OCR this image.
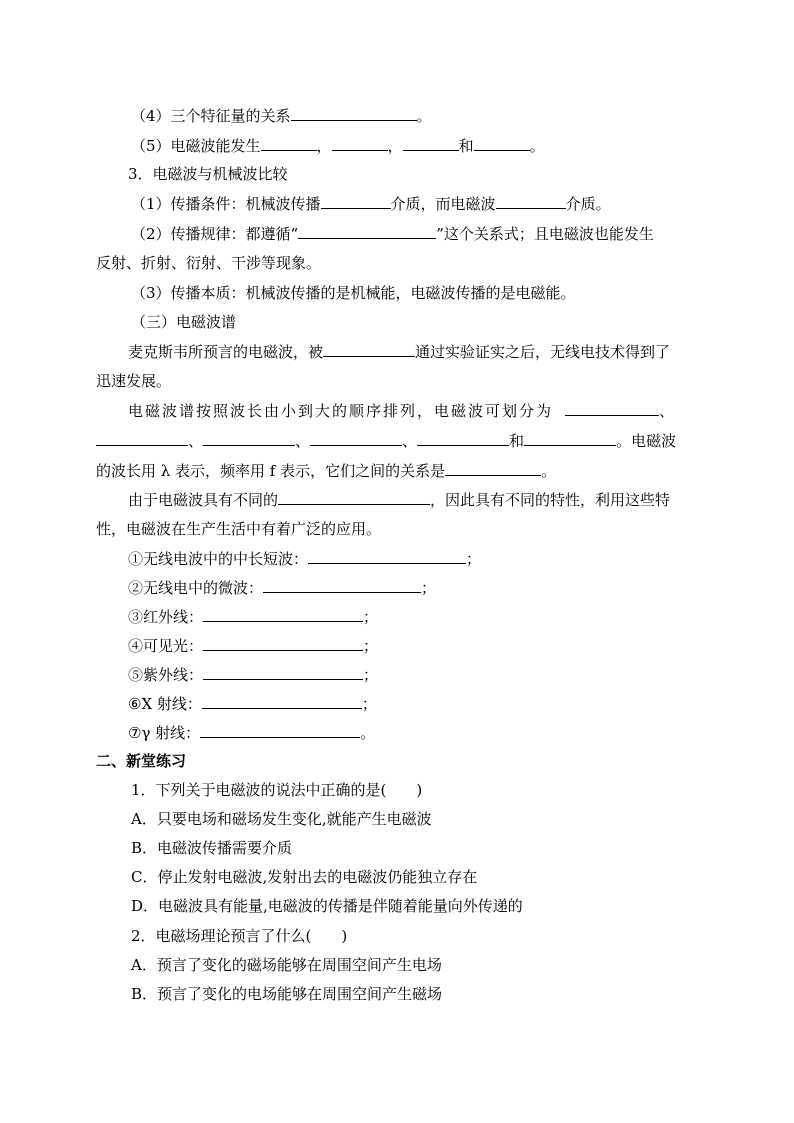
（4）三个特征量的关系	。
（5）电磁波能发生	，	，	和	。
3．电磁波与机械波比较
（1）传播条件：机械波传播	介质，而电磁波	介质。
（2）传播规律：都遵循“	”这个关系式；且电磁波也能发生
反射、折射、衍射、干涉等现象。
（3）传播本质：机械波传播的是机械能，电磁波传播的是电磁能。
（三）电磁波谱
麦克斯韦所预言的电磁波，被	通过实验证实之后，无线电技术得到了
迅速发展。
电磁波谱按照波长由小到大的顺序排列，电磁波可划分为	、
、	、	、	和	。电磁波
的波长用 λ 表示，频率用 f 表示，它们之间的关系是	。
由于电磁波具有不同的	，因此具有不同的特性，利用这些特
性，电磁波在生产生活中有着广泛的应用。
①无线电波中的中长短波：	；
②无线电中的微波：	；
③红外线：	；
④可见光：	；
⑤紫外线：	；
⑥X 射线：	；
⑦γ 射线：	。
二、新堂练习
1．下列关于电磁波的说法中正确的是(　　)
A．只要电场和磁场发生变化,就能产生电磁波
B．电磁波传播需要介质
C．停止发射电磁波,发射出去的电磁波仍能独立存在
D．电磁波具有能量,电磁波的传播是伴随着能量向外传递的
2．电磁场理论预言了什么(　　)
A．预言了变化的磁场能够在周围空间产生电场
B．预言了变化的电场能够在周围空间产生磁场
